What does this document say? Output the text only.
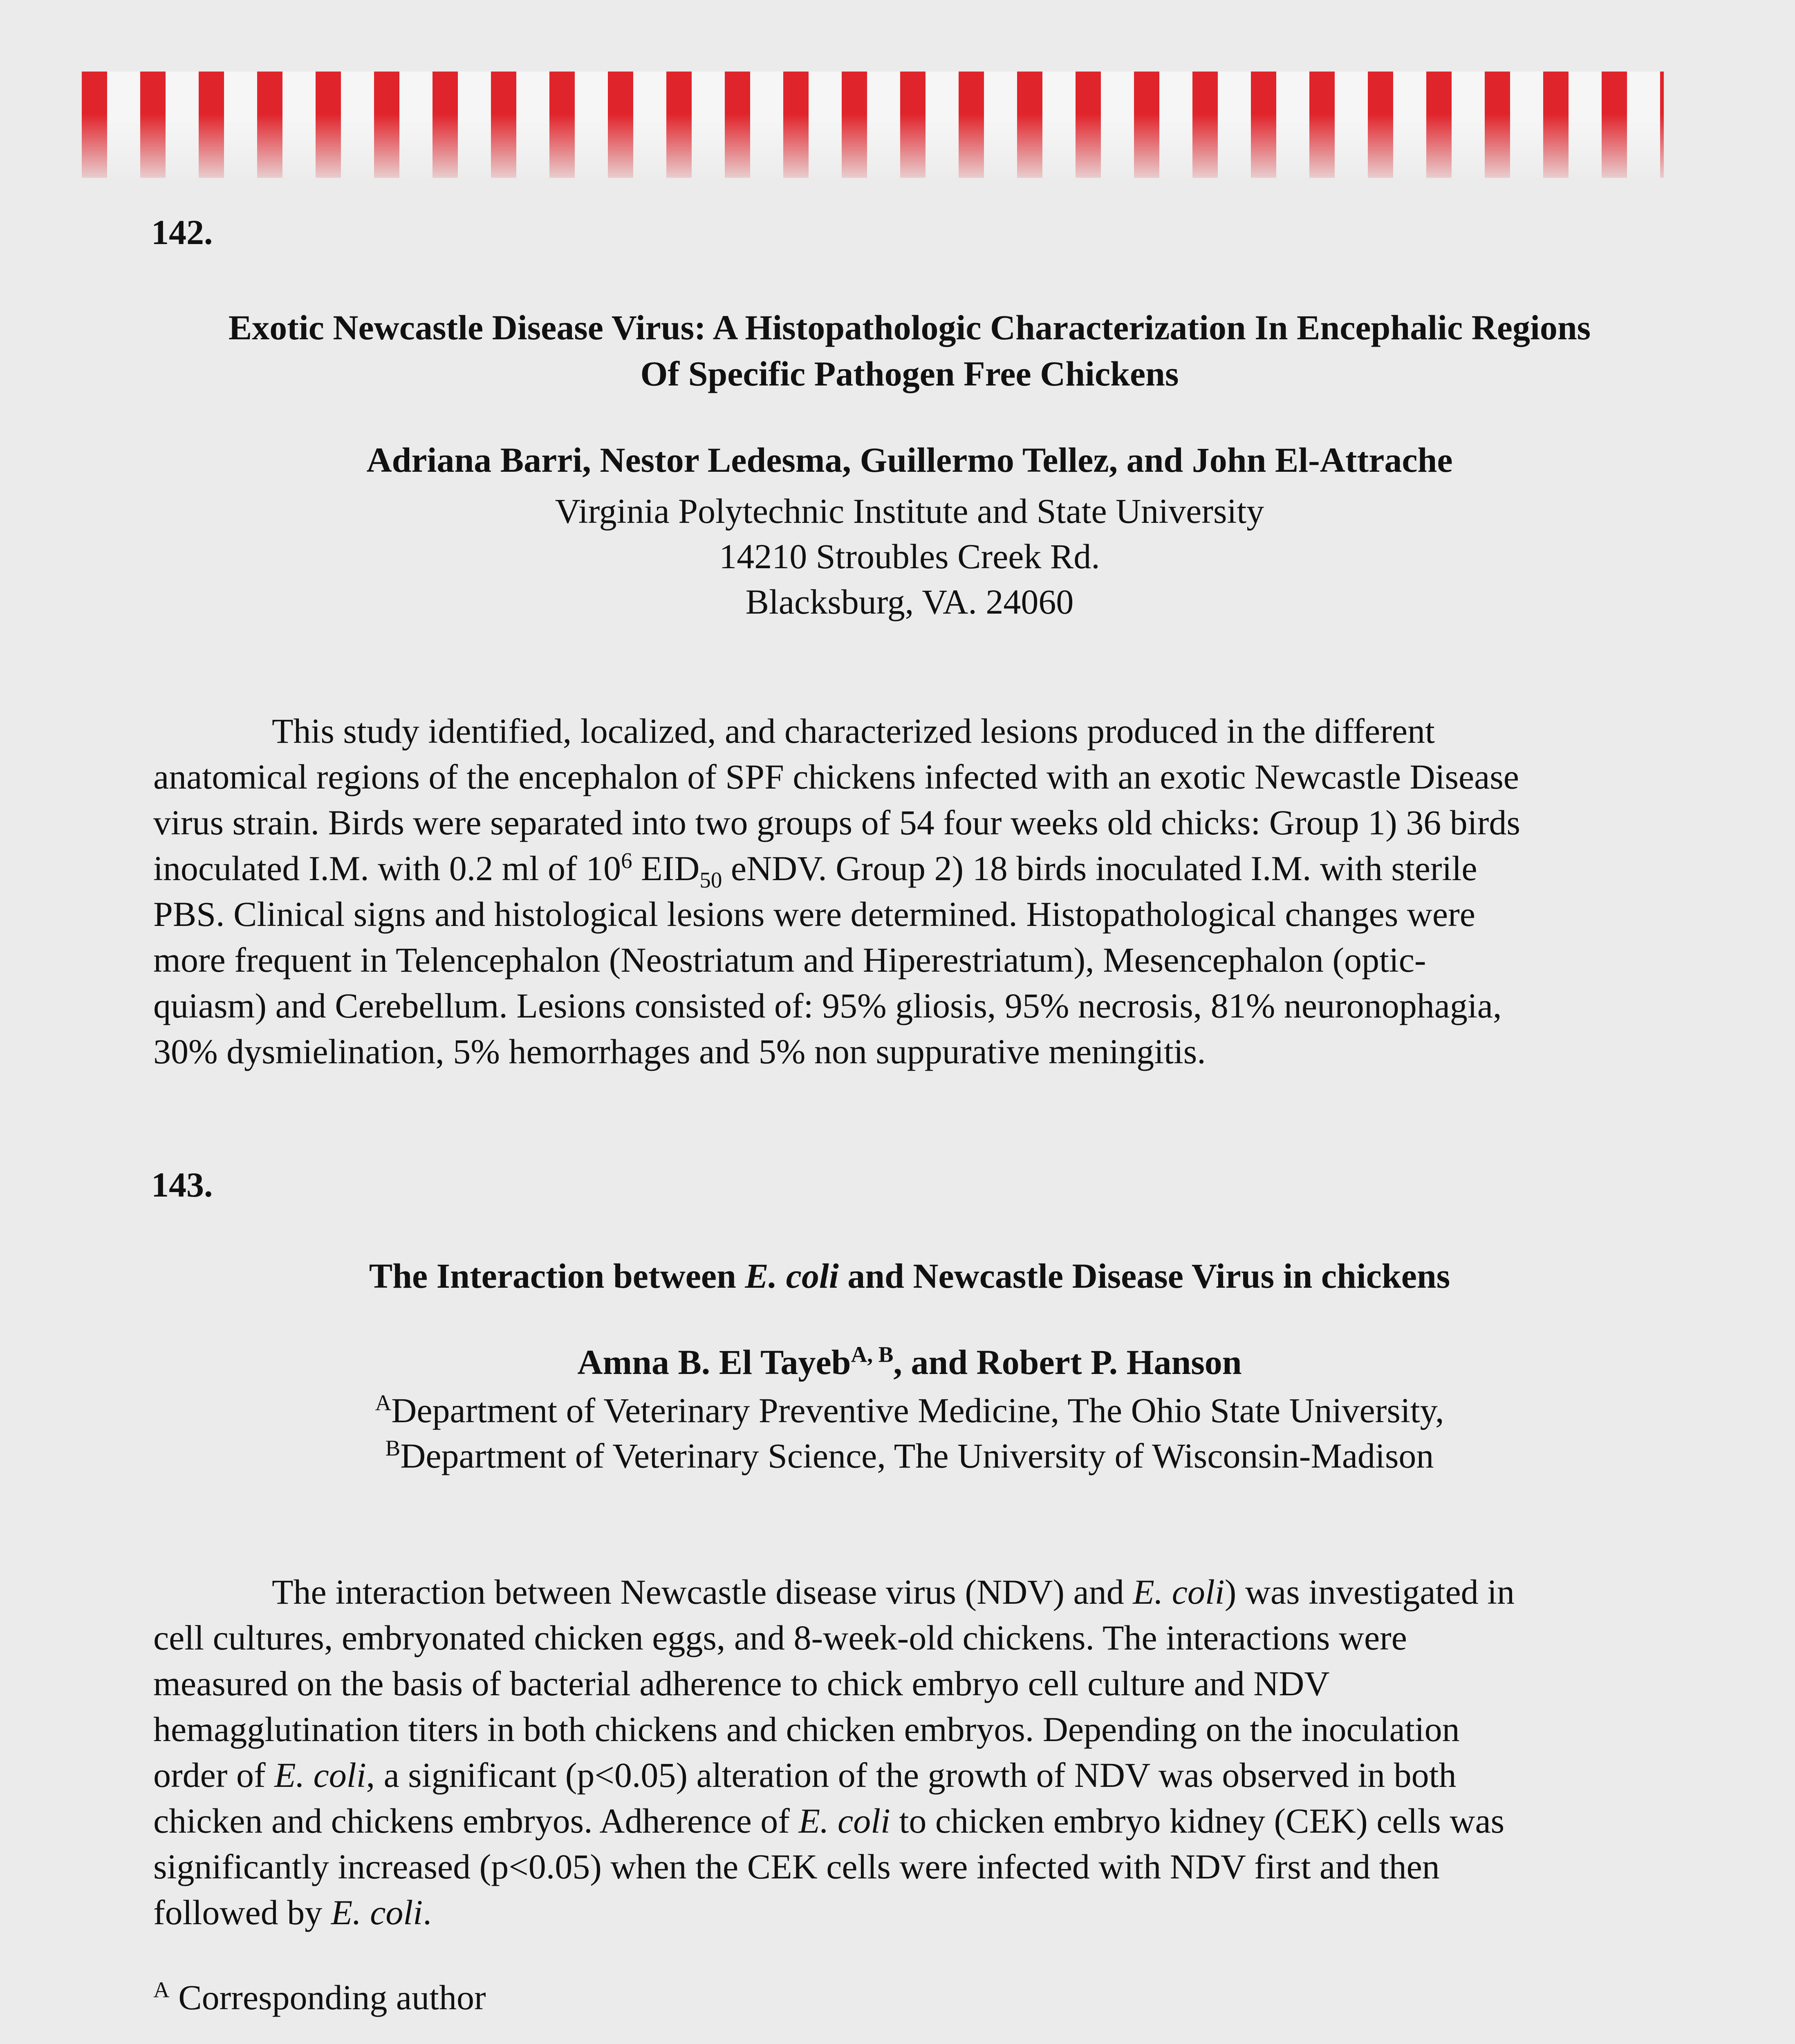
142.
Exotic Newcastle Disease Virus: A Histopathologic Characterization In Encephalic Regions
Of Specific Pathogen Free Chickens
Adriana Barri, Nestor Ledesma, Guillermo Tellez, and John El-Attrache
Virginia Polytechnic Institute and State University
14210 Stroubles Creek Rd.
Blacksburg, VA. 24060
This study identified, localized, and characterized lesions produced in the different
anatomical regions of the encephalon of SPF chickens infected with an exotic Newcastle Disease
virus strain. Birds were separated into two groups of 54 four weeks old chicks: Group 1) 36 birds
inoculated I.M. with 0.2 ml of $10^6$ $EID_{50}$ eNDV. Group 2) 18 birds inoculated I.M. with sterile
PBS. Clinical signs and histological lesions were determined. Histopathological changes were
more frequent in Telencephalon (Neostriatum and Hiperestriatum), Mesencephalon (optic-
quiasm) and Cerebellum. Lesions consisted of: 95% gliosis, 95% necrosis, 81% neuronophagia,
30% dysmielination, 5% hemorrhages and 5% non suppurative meningitis.
143.
The Interaction between E. coli and Newcastle Disease Virus in chickens
Amna B. El Tayeb$^{A, B}$, and Robert P. Hanson
$^A$Department of Veterinary Preventive Medicine, The Ohio State University,
$^B$Department of Veterinary Science, The University of Wisconsin-Madison
The interaction between Newcastle disease virus (NDV) and E. coli) was investigated in
cell cultures, embryonated chicken eggs, and 8-week-old chickens. The interactions were
measured on the basis of bacterial adherence to chick embryo cell culture and NDV
hemagglutination titers in both chickens and chicken embryos. Depending on the inoculation
order of E. coli, a significant (p<0.05) alteration of the growth of NDV was observed in both
chicken and chickens embryos. Adherence of E. coli to chicken embryo kidney (CEK) cells was
significantly increased (p<0.05) when the CEK cells were infected with NDV first and then
followed by E. coli.
$^A$ Corresponding author
